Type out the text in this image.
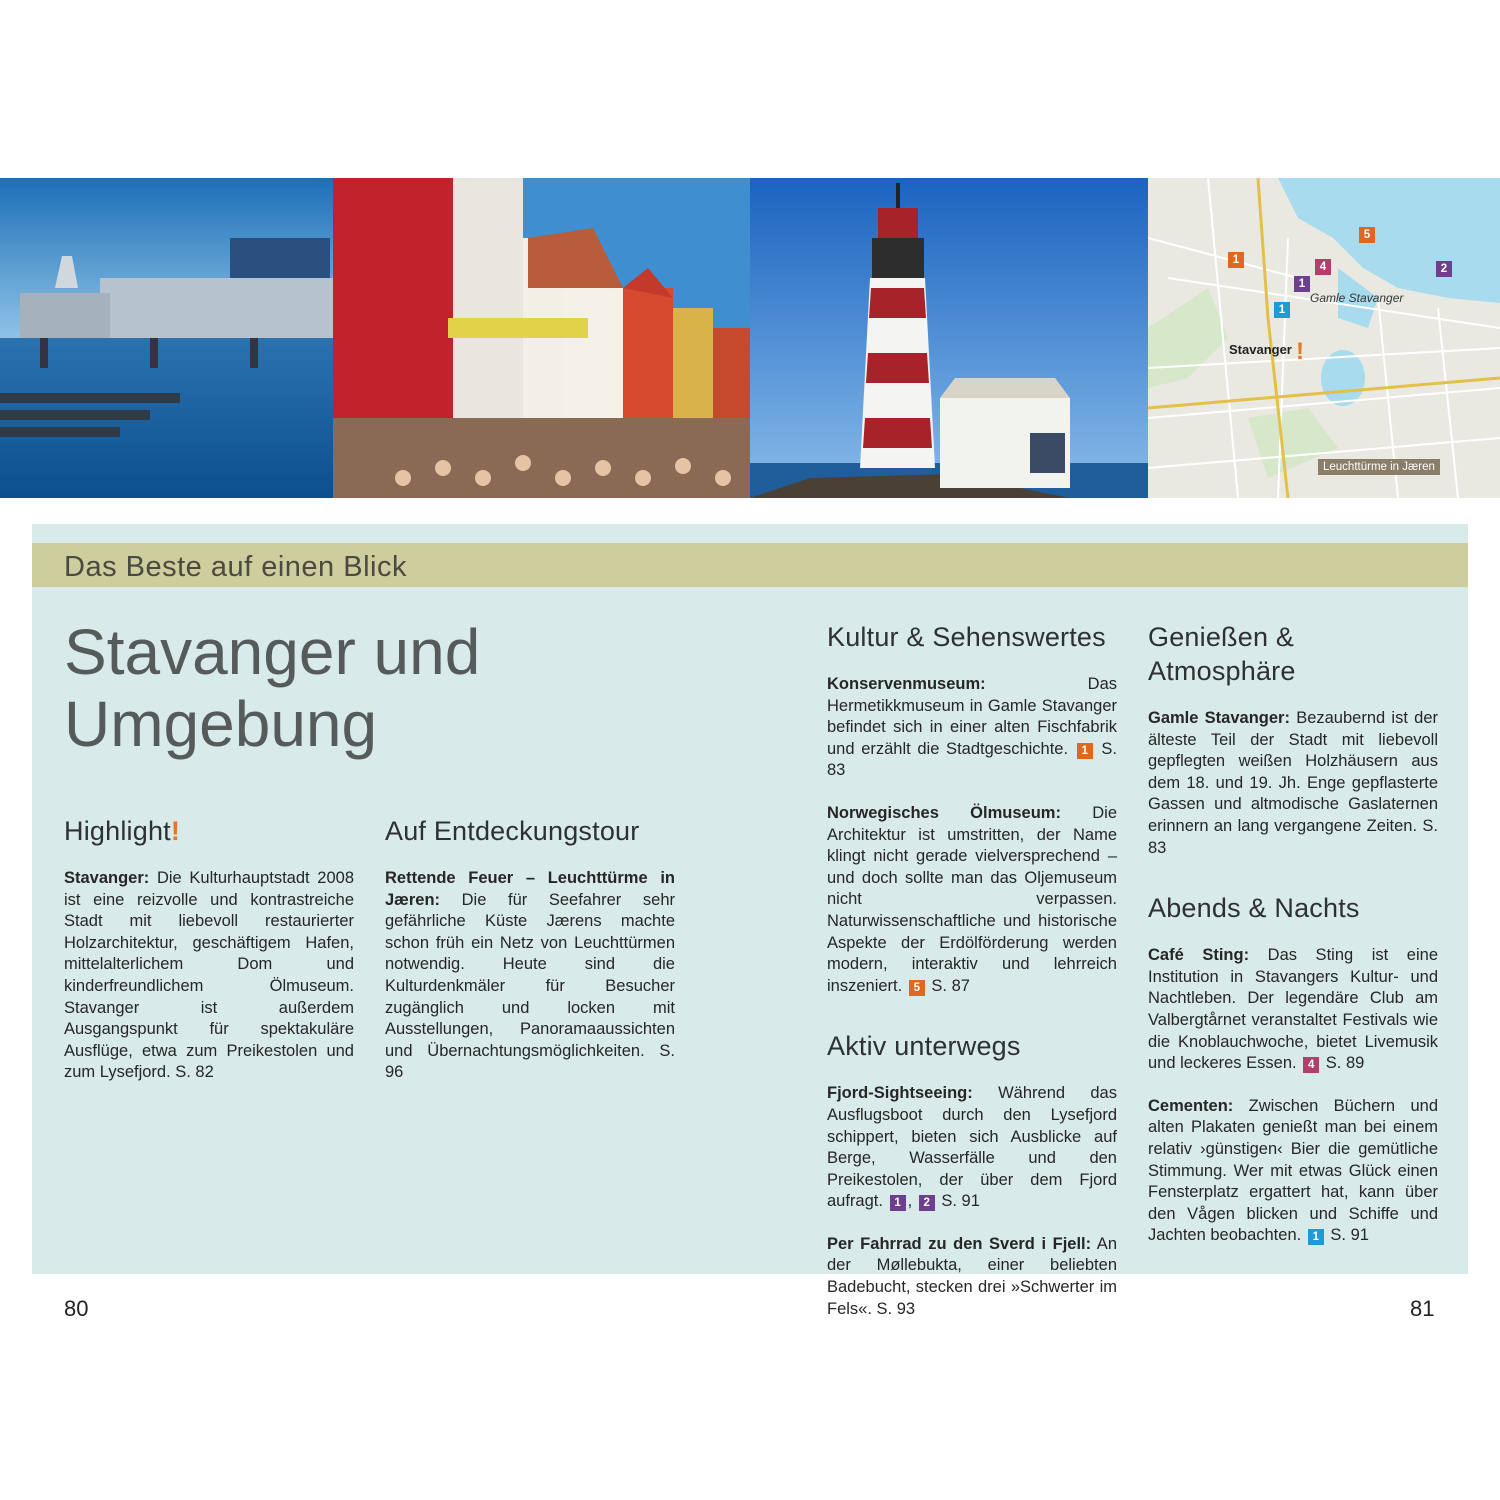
1
5
4
1
2
1
Gamle Stavanger
Stavanger !
Leuchttürme in Jæren
Das Beste auf einen Blick
Stavanger und
Umgebung
Highlight!

Stavanger: Die Kulturhauptstadt 2008 ist eine reizvolle und kontrastreiche Stadt mit liebevoll restaurierter Holzarchitektur, geschäftigem Hafen, mittelalterlichem Dom und kinderfreundlichem Ölmuseum. Stavanger ist außerdem Ausgangspunkt für spektakuläre Ausflüge, etwa zum Preikestolen und zum Lysefjord. S. 82

Auf Entdeckungstour

Rettende Feuer – Leuchttürme in Jæren: Die für Seefahrer sehr gefährliche Küste Jærens machte schon früh ein Netz von Leuchttürmen notwendig. Heute sind die Kulturdenkmäler für Besucher zugänglich und locken mit Ausstellungen, Panoramaaussichten und Übernachtungsmöglichkeiten. S. 96

Kultur & Sehenswertes

Konservenmuseum: Das Hermetikkmuseum in Gamle Stavanger befindet sich in einer alten Fischfabrik und erzählt die Stadtgeschichte. 1 S. 83

Norwegisches Ölmuseum: Die Architektur ist umstritten, der Name klingt nicht gerade vielversprechend – und doch sollte man das Oljemuseum nicht verpassen. Naturwissenschaftliche und historische Aspekte der Erdölförderung werden modern, interaktiv und lehrreich inszeniert. 5 S. 87

Aktiv unterwegs

Fjord-Sightseeing: Während das Ausflugsboot durch den Lysefjord schippert, bieten sich Ausblicke auf Berge, Wasserfälle und den Preikestolen, der über dem Fjord aufragt. 1 , 2 S. 91

Per Fahrrad zu den Sverd i Fjell: An der Møllebukta, einer beliebten Badebucht, stecken drei »Schwerter im Fels«. S. 93

Genießen & Atmosphäre

Gamle Stavanger: Bezaubernd ist der älteste Teil der Stadt mit liebevoll gepflegten weißen Holzhäusern aus dem 18. und 19. Jh. Enge gepflasterte Gassen und altmodische Gaslaternen erinnern an lang vergangene Zeiten. S. 83

Abends & Nachts

Café Sting: Das Sting ist eine Institution in Stavangers Kultur- und Nachtleben. Der legendäre Club am Valbergtårnet veranstaltet Festivals wie die Knoblauchwoche, bietet Livemusik und leckeres Essen. 4 S. 89

Cementen: Zwischen Büchern und alten Plakaten genießt man bei einem relativ ›günstigen‹ Bier die gemütliche Stimmung. Wer mit etwas Glück einen Fensterplatz ergattert hat, kann über den Vågen blicken und Schiffe und Jachten beobachten. 1 S. 91

80	81
